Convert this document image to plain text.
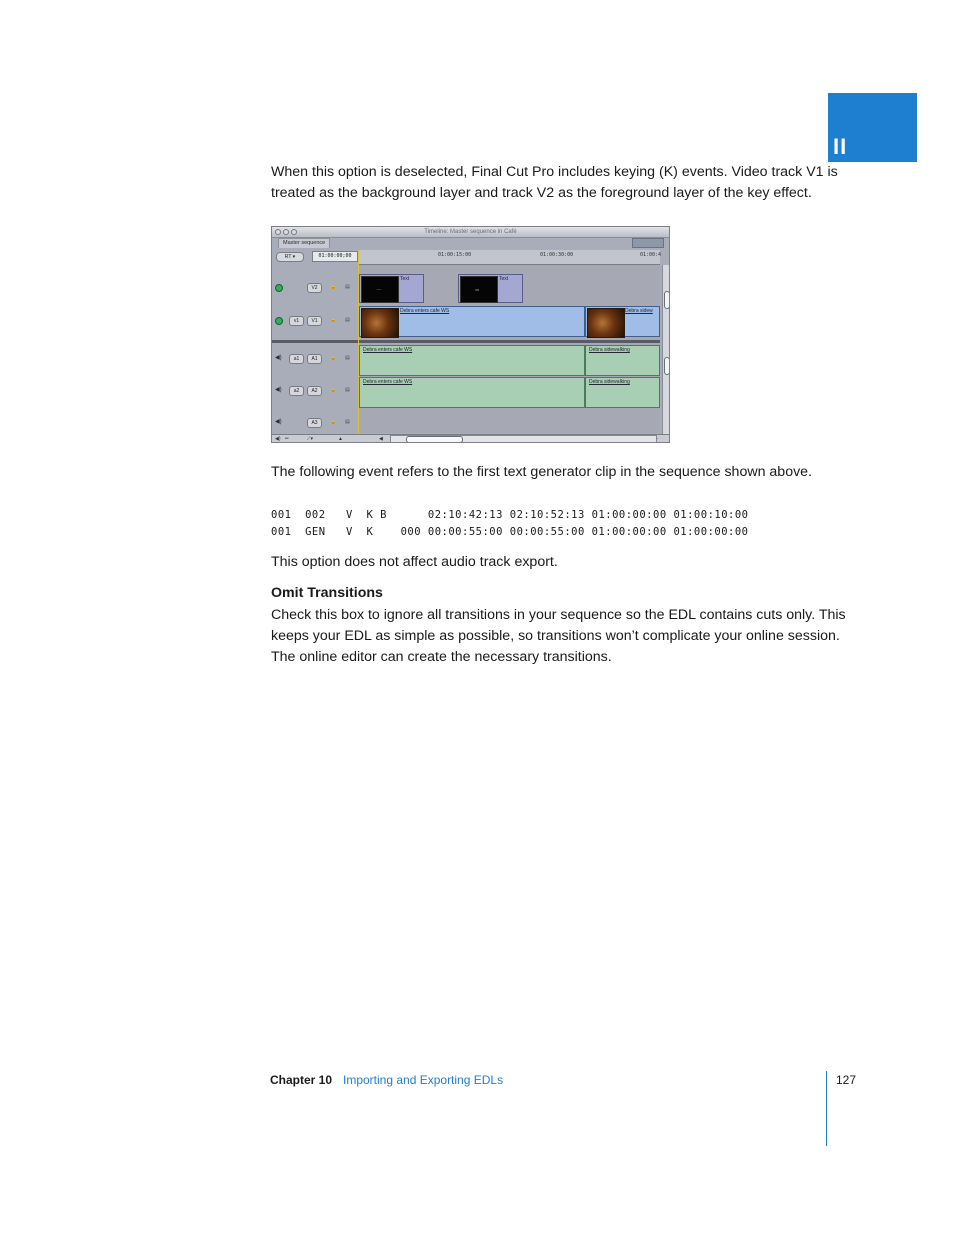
II

When this option is deselected, Final Cut Pro includes keying (K) events. Video track V1 is treated as the background layer and track V2 as the foreground layer of the key effect.

Timeline: Master sequence in Café
Master sequence
RT ▾	01:00:00;00	01:00:15:00	01:00:30:00	01:00:4
V2	🔒 ▤
v1	V1	🔒 ▤
◀)	a1	A1	🔒 ▤
◀)	a2	A2	🔒 ▤
◀)	A3	🔒 ▤
····
Text
▭
Text
Debra enters cafe WS	Debra sidew
Debra enters cafe WS	Debra sidewalking
Debra enters cafe WS	Debra sidewalking
◀) ═	⟋▾	▲	◀

The following event refers to the first text generator clip in the sequence shown above.

001  002   V  K B      02:10:42:13 02:10:52:13 01:00:00:00 01:00:10:00
001  GEN   V  K    000 00:00:55:00 00:00:55:00 01:00:00:00 01:00:00:00

This option does not affect audio track export.

Omit Transitions

Check this box to ignore all transitions in your sequence so the EDL contains cuts only. This keeps your EDL as simple as possible, so transitions won’t complicate your online session. The online editor can create the necessary transitions.

Chapter 10 Importing and Exporting EDLs	127
